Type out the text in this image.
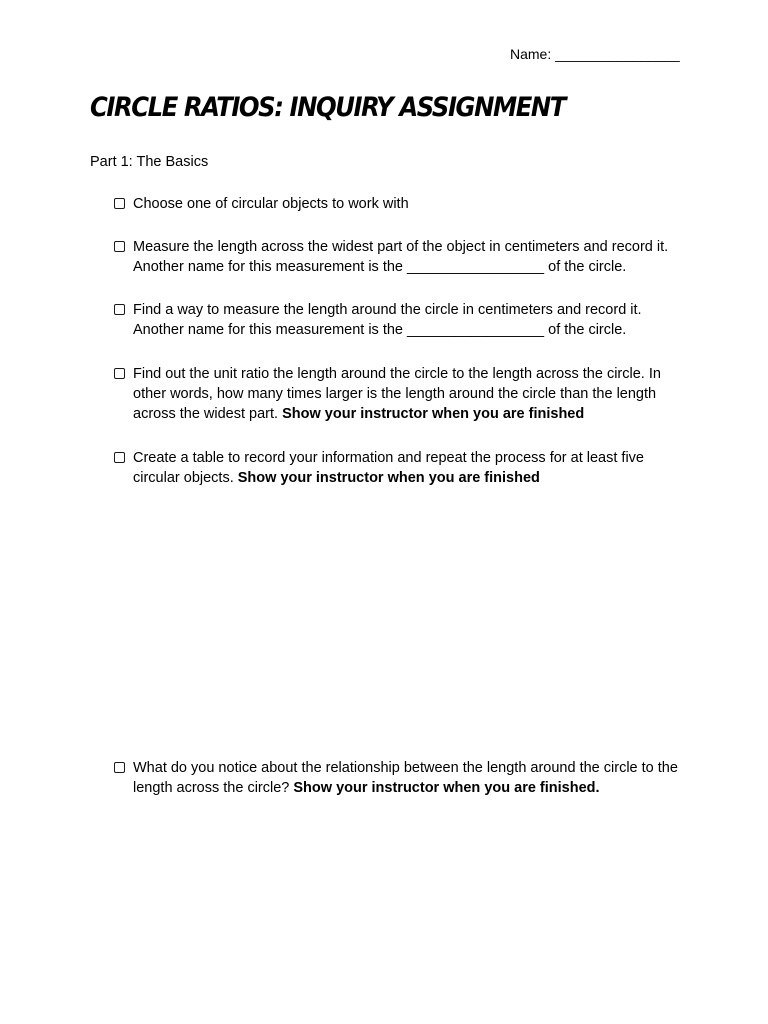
Name: ________________
CIRCLE RATIOS: INQUIRY ASSIGNMENT
Part 1: The Basics
Choose one of circular objects to work with
Measure the length across the widest part of the object in centimeters and record it. Another name for this measurement is the _________________ of the circle.
Find a way to measure the length around the circle in centimeters and record it. Another name for this measurement is the _________________ of the circle.
Find out the unit ratio the length around the circle to the length across the circle. In other words, how many times larger is the length around the circle than the length across the widest part. Show your instructor when you are finished
Create a table to record your information and repeat the process for at least five circular objects. Show your instructor when you are finished
What do you notice about the relationship between the length around the circle to the length across the circle? Show your instructor when you are finished.
